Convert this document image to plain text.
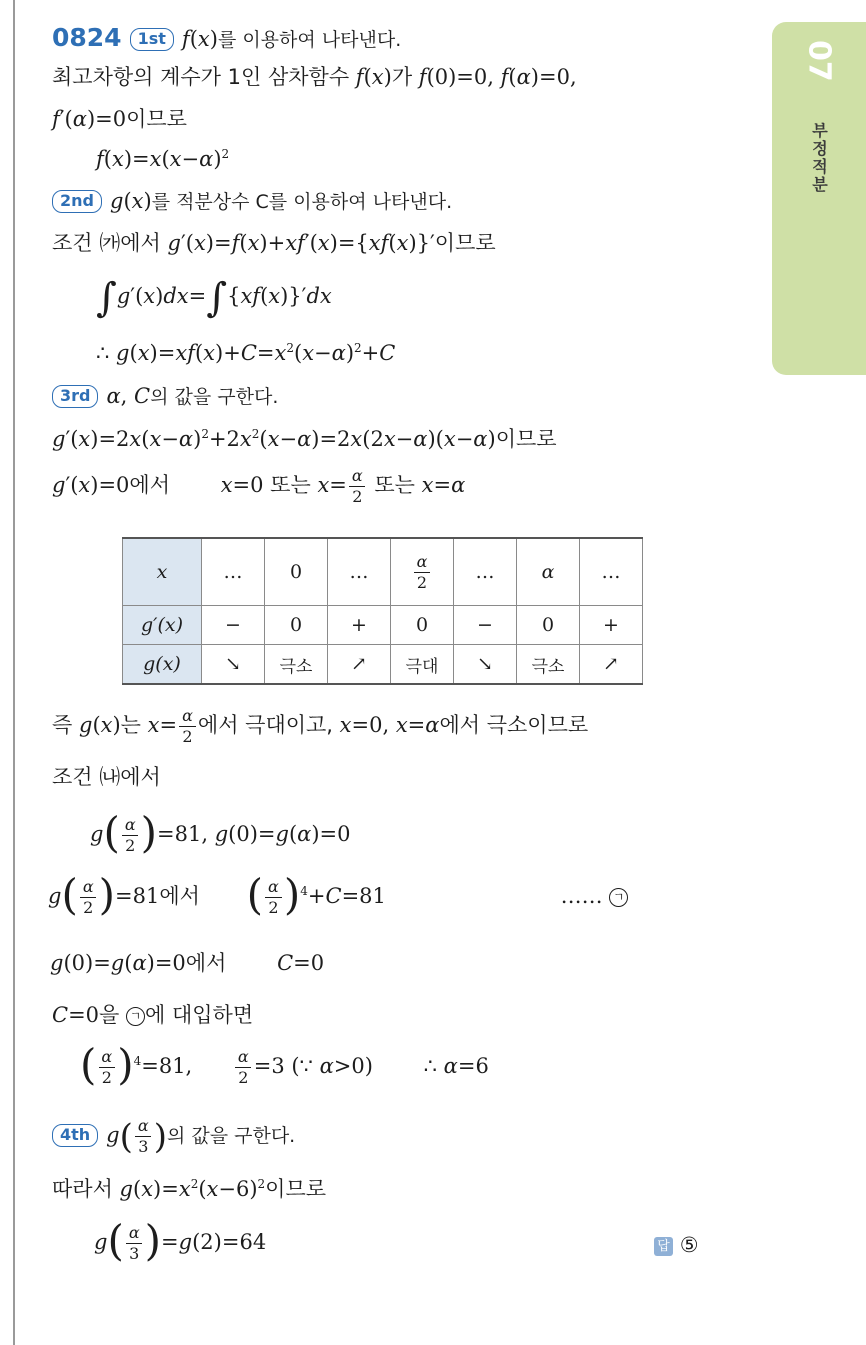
07
부정적분
0824 1st f(x)를 이용하여 나타낸다.
최고차항의 계수가 1인 삼차함수 f(x)가 f(0)=0, f(α)=0,
f′(α)=0이므로
$f(x)=x(x-\alpha)^2$
2nd g(x)를 적분상수 C를 이용하여 나타낸다.
조건 ㈎에서 g′(x)=f(x)+xf′(x)={xf(x)}′이므로
∫g′(x)dx=∫{xf(x)}′dx
∴ $g(x)=xf(x)+C=x^2(x-\alpha)^2+C$
3rd α, C의 값을 구한다.
$g'(x)=2x(x-\alpha)^2+2x^2(x-\alpha)=2x(2x-\alpha)(x-\alpha)$이므로
g′(x)=0에서 x=0 또는 $x= \frac{\alpha}{2}$ 또는 x=α
x	…	0	…	$\frac{\alpha}{2}$	…	α	…
g′(x)	−	0	+	0	−	0	+
g(x)	↘	극소	↗	극대	↘	극소	↗
즉 g(x)는 $x= \frac{\alpha}{2}$ 에서 극대이고, x=0, x=α에서 극소이므로
조건 ㈏에서
$g( \frac{\alpha}{2} )=81$, g(0)=g(α)=0
$g( \frac{\alpha}{2} )=81$에서 ( $\frac{\alpha}{2} )^4+C=81$	…… ㄱ
g(0)=g(α)=0에서 C=0
C=0을 ㄱ 에 대입하면
( $\frac{\alpha}{2} )^4=81$, $\frac{\alpha}{2} =3$ (∵ α>0) ∴ α=6
4th $g( \frac{\alpha}{3}$ )의 값을 구한다.
따라서 $g(x)=x^2(x-6)^2$이므로
$g( \frac{\alpha}{3} )=g(2)=64$	답 ⑤
